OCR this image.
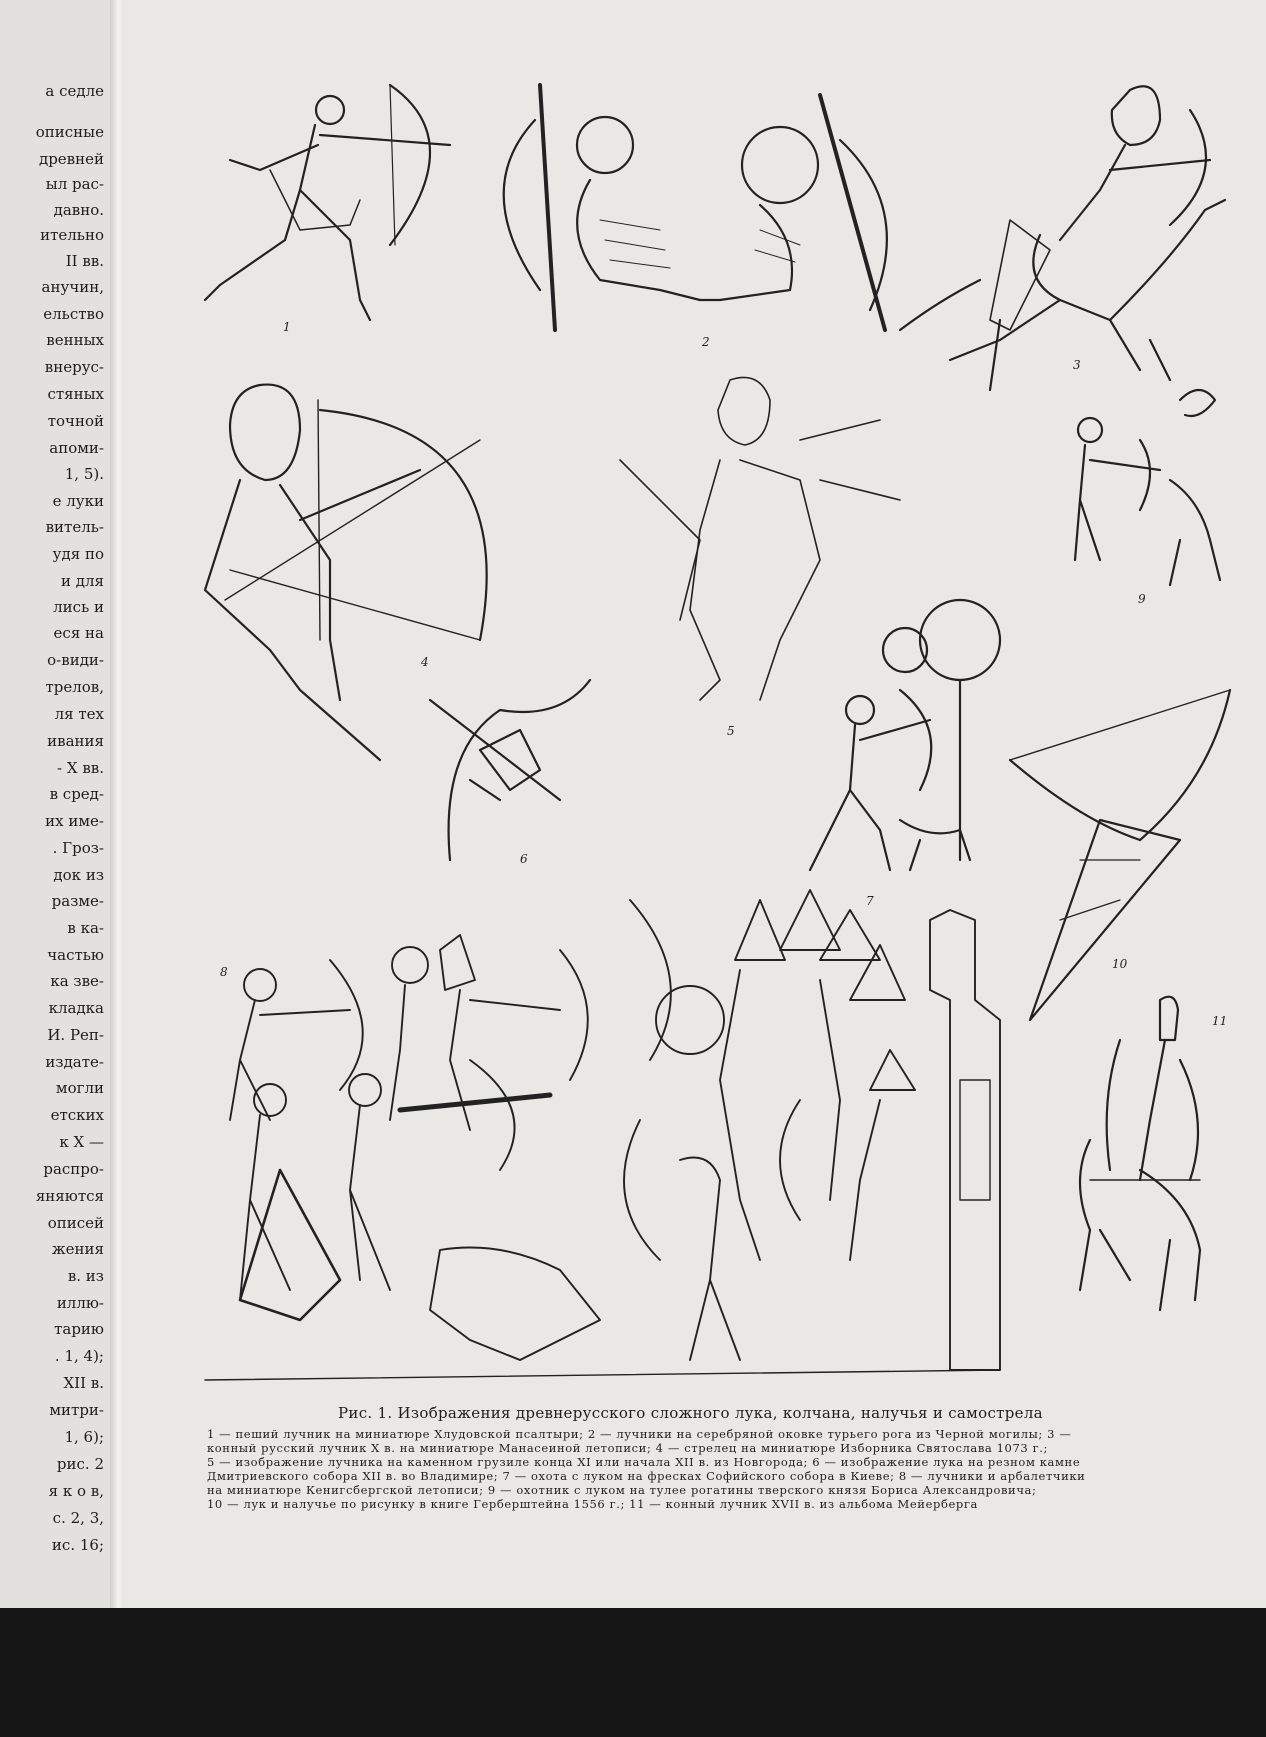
а седле
описные
древней
ыл рас-
давно.
ительно
II вв.
анучин,
ельство
венных
внерус-
стяных
точной
апоми-
1, 5).
е луки
витель-
удя по
и для
лись и
еся на
о-види-
трелов,
ля тех
ивания
- X вв.
в сред-
их име-
. Гроз-
док из
разме-
в ка-
частью
ка зве-
кладка
И. Реп-
издате-
могли
етских
к X —
распро-
яняются
описей
жения
в. из
иллю-
тарию
. 1, 4);
XII в.
митри-
1, 6);
рис. 2
я к о в,
с. 2, 3,
ис. 16;
1
2
3
4
5
6
7
8
9
10
11
Рис. 1. Изображения древнерусского сложного лука, колчана, налучья и самострела
1 — пеший лучник на миниатюре Хлудовской псалтыри; 2 — лучники на серебряной оковке турьего рога из Черной могилы; 3 —
конный русский лучник X в. на миниатюре Манасеиной летописи; 4 — стрелец на миниатюре Изборника Святослава 1073 г.;
5 — изображение лучника на каменном грузиле конца XI или начала XII в. из Новгорода; 6 — изображение лука на резном камне
Дмитриевского собора XII в. во Владимире; 7 — охота с луком на фресках Софийского собора в Киеве; 8 — лучники и арбалетчики
на миниатюре Кенигсбергской летописи; 9 — охотник с луком на тулее рогатины тверского князя Бориса Александровича;
10 — лук и налучье по рисунку в книге Герберштейна 1556 г.; 11 — конный лучник XVII в. из альбома Мейерберга
